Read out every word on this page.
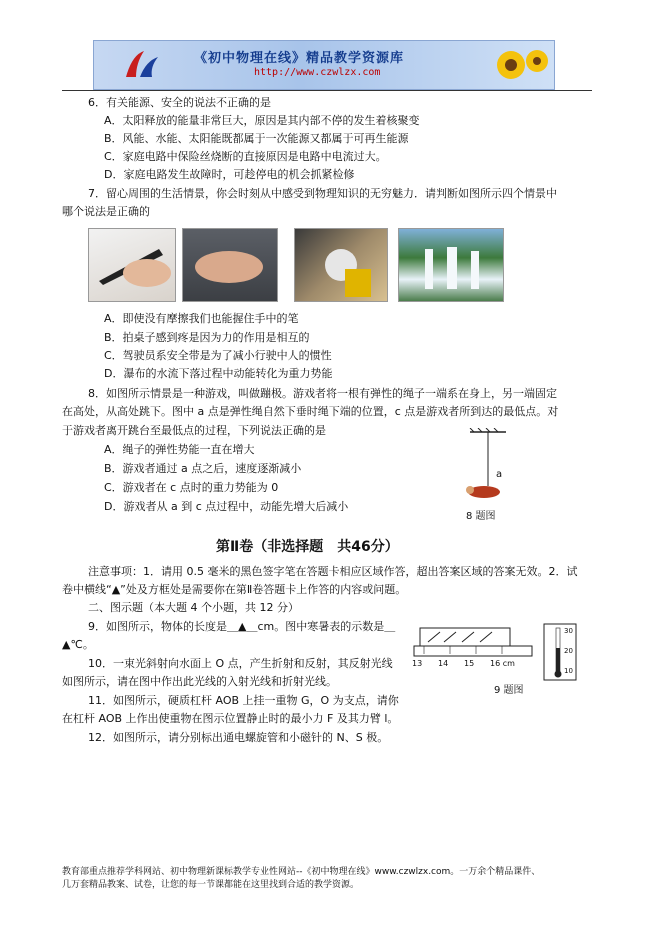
《初中物理在线》精品教学资源库
http://www.czwlzx.com
6．有关能源、安全的说法不正确的是
A．太阳释放的能量非常巨大，原因是其内部不停的发生着核聚变
B．风能、水能、太阳能既都属于一次能源又都属于可再生能源
C．家庭电路中保险丝烧断的直接原因是电路中电流过大。
D．家庭电路发生故障时，可趁停电的机会抓紧检修
7．留心周围的生活情景，你会时刻从中感受到物理知识的无穷魅力．请判断如图所示四个情景中
哪个说法是正确的
A．即使没有摩擦我们也能握住手中的笔
B．拍桌子感到疼是因为力的作用是相互的
C．驾驶员系安全带是为了减小行驶中人的惯性
D．瀑布的水流下落过程中动能转化为重力势能
8．如图所示情景是一种游戏，叫做蹦极。游戏者将一根有弹性的绳子一端系在身上，另一端固定
在高处，从高处跳下。图中 a 点是弹性绳自然下垂时绳下端的位置，c 点是游戏者所到达的最低点。对
于游戏者离开跳台至最低点的过程，下列说法正确的是
A．绳子的弹性势能一直在增大
B．游戏者通过 a 点之后，速度逐渐减小
C．游戏者在 c 点时的重力势能为 0
D．游戏者从 a 到 c 点过程中，动能先增大后减小
a
8 题图
第Ⅱ卷（非选择题　共46分）
注意事项：1．请用 0.5 毫米的黑色签字笔在答题卡相应区域作答，超出答案区域的答案无效。2．试
卷中横线“▲”处及方框处是需要你在第Ⅱ卷答题卡上作答的内容或问题。
二、图示题（本大题 4 个小题，共 12 分）
9．如图所示，物体的长度是＿▲＿cm。图中寒暑表的示数是＿
▲℃。
13 14 15 16 cm
30
20
10
9 题图
10．一束光斜射向水面上 O 点，产生折射和反射，其反射光线
如图所示，请在图中作出此光线的入射光线和折射光线。
11．如图所示，硬质杠杆 AOB 上挂一重物 G，O 为支点，请你
在杠杆 AOB 上作出使重物在图示位置静止时的最小力 F 及其力臂 l。
12．如图所示，请分别标出通电螺旋管和小磁针的 N、S 极。
教育部重点推荐学科网站、初中物理新课标教学专业性网站--《初中物理在线》www.czwlzx.com。一万余个精品课件、
几万套精品教案、试卷，让您的每一节课都能在这里找到合适的教学资源。
